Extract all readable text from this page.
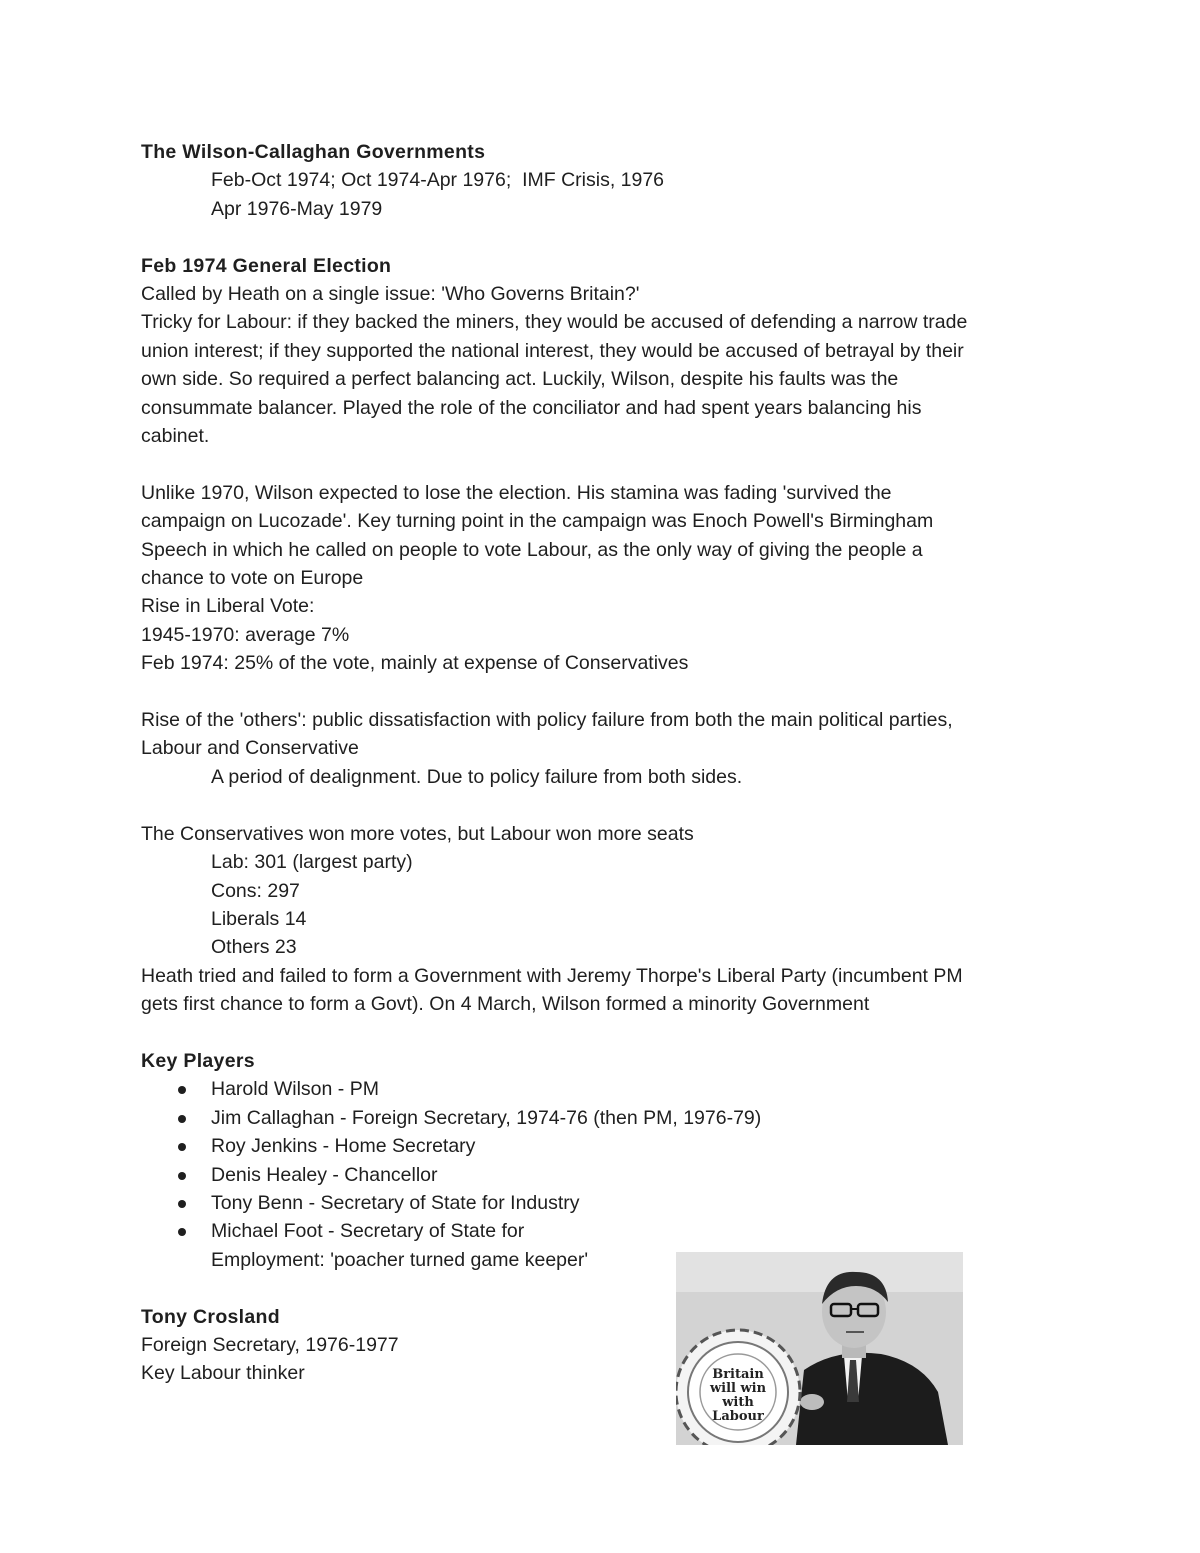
The Wilson-Callaghan Governments
Feb-Oct 1974; Oct 1974-Apr 1976;  IMF Crisis, 1976
Apr 1976-May 1979
Feb 1974 General Election
Called by Heath on a single issue: 'Who Governs Britain?'
Tricky for Labour: if they backed the miners, they would be accused of defending a narrow trade
union interest; if they supported the national interest, they would be accused of betrayal by their
own side. So required a perfect balancing act. Luckily, Wilson, despite his faults was the
consummate balancer. Played the role of the conciliator and had spent years balancing his
cabinet.
Unlike 1970, Wilson expected to lose the election. His stamina was fading 'survived the
campaign on Lucozade'. Key turning point in the campaign was Enoch Powell's Birmingham
Speech in which he called on people to vote Labour, as the only way of giving the people a
chance to vote on Europe
Rise in Liberal Vote:
1945-1970: average 7%
Feb 1974: 25% of the vote, mainly at expense of Conservatives
Rise of the 'others': public dissatisfaction with policy failure from both the main political parties,
Labour and Conservative
A period of dealignment. Due to policy failure from both sides.
The Conservatives won more votes, but Labour won more seats
Lab: 301 (largest party)
Cons: 297
Liberals 14
Others 23
Heath tried and failed to form a Government with Jeremy Thorpe's Liberal Party (incumbent PM
gets first chance to form a Govt). On 4 March, Wilson formed a minority Government
Key Players
Harold Wilson - PM
Jim Callaghan - Foreign Secretary, 1974-76 (then PM, 1976-79)
Roy Jenkins - Home Secretary
Denis Healey - Chancellor
Tony Benn - Secretary of State for Industry
Michael Foot - Secretary of State for
Employment: 'poacher turned game keeper'
Tony Crosland
Foreign Secretary, 1976-1977
Key Labour thinker	Britain
will win
with
Labour
